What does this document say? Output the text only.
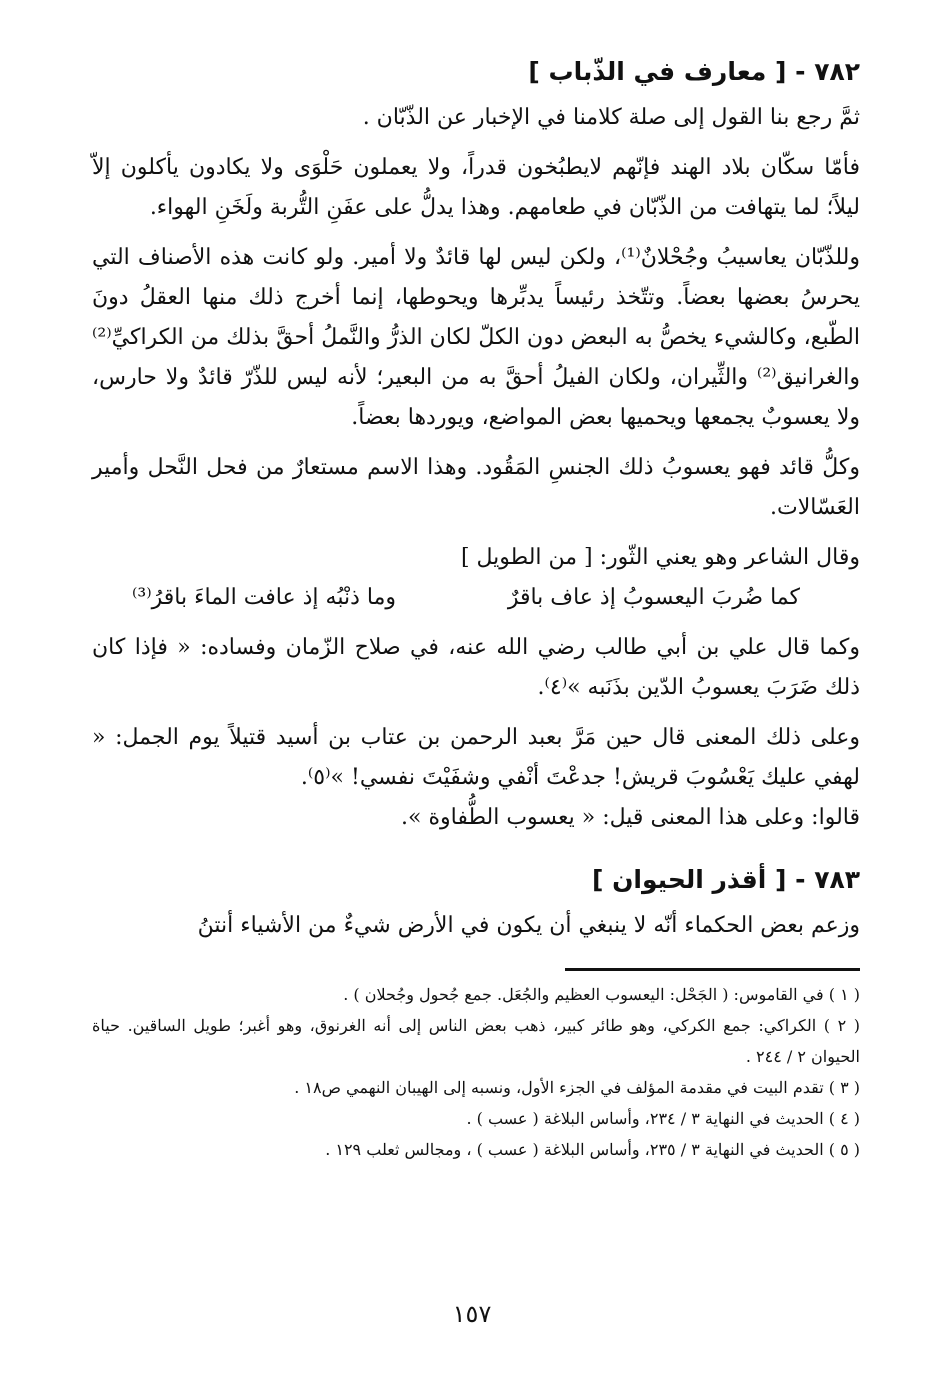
٧٨٢ - [ معارف في الذّباب ]

ثمَّ رجع بنا القول إلى صلة كلامنا في الإخبار عن الذّبّان .

فأمّا سكّان بلاد الهند فإنّهم لايطبُخون قدراً، ولا يعملون حَلْوَى ولا يكادون يأكلون إلاّ ليلاً؛ لما يتهافت من الذّبّان في طعامهم. وهذا يدلُّ على عفَنِ التُّربة ولَخَنِ الهواء.

وللذّبّان يعاسيبُ وجُحْلانٌ⁽¹⁾، ولكن ليس لها قائدٌ ولا أمير. ولو كانت هذه الأصناف التي يحرسُ بعضها بعضاً. وتتّخذ رئيساً يدبِّرها ويحوطها، إنما أخرج ذلك منها العقلُ دونَ الطّبع، وكالشيء يخصُّ به البعض دون الكلّ لكان الذرُّ والنَّملُ أحقَّ بذلك من الكراكيِّ⁽²⁾ والغرانيق⁽²⁾ والثِّيران، ولكان الفيلُ أحقَّ به من البعير؛ لأنه ليس للذّرّ قائدٌ ولا حارس، ولا يعسوبٌ يجمعها ويحميها بعض المواضع، ويوردها بعضاً.

وكلُّ قائد فهو يعسوبُ ذلك الجنسِ المَقُود. وهذا الاسم مستعارٌ من فحل النَّحل وأمير العَسّالات.

وقال الشاعر وهو يعني الثّور: [ من الطويل ]

كما ضُربَ اليعسوبُ إذ عاف باقرٌ
وما ذنْبُه إذ عافت الماءَ باقرُ⁽³⁾

وكما قال علي بن أبي طالب رضي الله عنه، في صلاح الزّمان وفساده: « فإذا كان ذلك ضَرَبَ يعسوبُ الدّين بذَنَبه »⁽٤⁾.

وعلى ذلك المعنى قال حين مَرَّ بعبد الرحمن بن عتاب بن أسيد قتيلاً يوم الجمل: « لهفي عليك يَعْسُوبَ قريش! جدعْتَ أنْفي وشفَيْتَ نفسي! »⁽٥⁾.

قالوا: وعلى هذا المعنى قيل: « يعسوب الطُّفاوة ».

٧٨٣ - [ أقذر الحيوان ]

وزعم بعض الحكماء أنّه لا ينبغي أن يكون في الأرض شيءٌ من الأشياء أنتنُ

( ١ ) في القاموس: ( الجَحْل: اليعسوب العظيم والجُعَل. جمع جُحول وجُحلان ) .

( ٢ ) الكراكي: جمع الكركي، وهو طائر كبير، ذهب بعض الناس إلى أنه الغرنوق، وهو أغبر؛ طويل الساقين. حياة الحيوان ٢ / ٢٤٤ .

( ٣ ) تقدم البيت في مقدمة المؤلف في الجزء الأول، ونسبه إلى الهيبان النهمي ص١٨ .

( ٤ ) الحديث في النهاية ٣ / ٢٣٤، وأساس البلاغة ( عسب ) .

( ٥ ) الحديث في النهاية ٣ / ٢٣٥، وأساس البلاغة ( عسب ) ، ومجالس ثعلب ١٢٩ .

١٥٧
